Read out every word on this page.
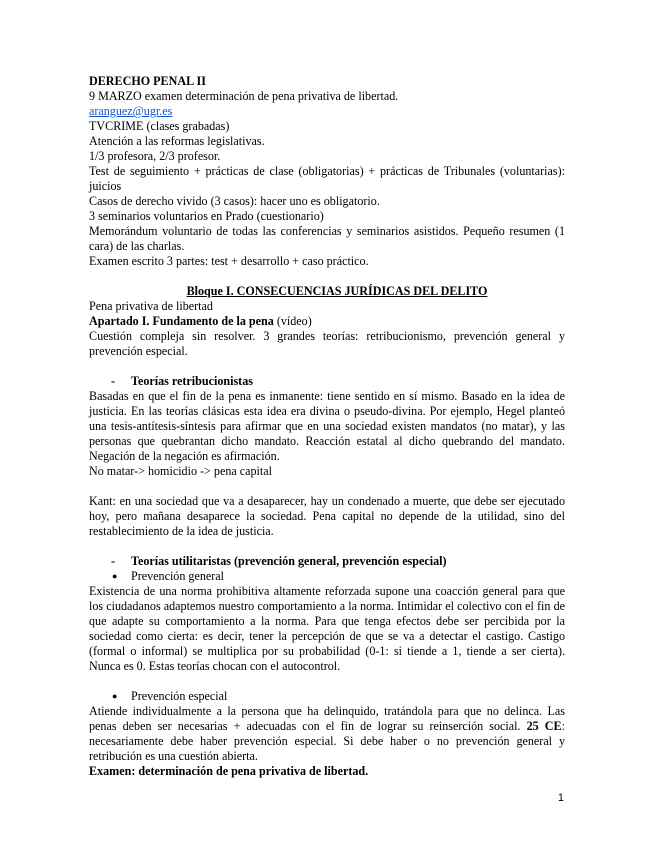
DERECHO PENAL II
9 MARZO examen determinación de pena privativa de libertad.
aranguez@ugr.es
TVCRIME (clases grabadas)
Atención a las reformas legislativas.
1/3 profesora, 2/3 profesor.
Test de seguimiento + prácticas de clase (obligatorias) + prácticas de Tribunales (voluntarias): juicios
Casos de derecho vivido (3 casos): hacer uno es obligatorio.
3 seminarios voluntarios en Prado (cuestionario)
Memorándum voluntario de todas las conferencias y seminarios asistidos. Pequeño resumen (1 cara) de las charlas.
Examen escrito 3 partes: test + desarrollo + caso práctico.
Bloque I. CONSECUENCIAS JURÍDICAS DEL DELITO
Pena privativa de libertad
Apartado I. Fundamento de la pena (vídeo)
Cuestión compleja sin resolver. 3 grandes teorías: retribucionismo, prevención general y prevención especial.
- Teorías retribucionistas
Basadas en que el fin de la pena es inmanente: tiene sentido en sí mismo. Basado en la idea de justicia. En las teorías clásicas esta idea era divina o pseudo-divina. Por ejemplo, Hegel planteó una tesis-antítesis-síntesis para afirmar que en una sociedad existen mandatos (no matar), y las personas que quebrantan dicho mandato. Reacción estatal al dicho quebrando del mandato. Negación de la negación es afirmación.
No matar-> homicidio -> pena capital
Kant: en una sociedad que va a desaparecer, hay un condenado a muerte, que debe ser ejecutado hoy, pero mañana desaparece la sociedad. Pena capital no depende de la utilidad, sino del restablecimiento de la idea de justicia.
- Teorías utilitaristas (prevención general, prevención especial)
● Prevención general
Existencia de una norma prohibitiva altamente reforzada supone una coacción general para que los ciudadanos adaptemos nuestro comportamiento a la norma. Intimidar el colectivo con el fin de que adapte su comportamiento a la norma. Para que tenga efectos debe ser percibida por la sociedad como cierta: es decir, tener la percepción de que se va a detectar el castigo. Castigo (formal o informal) se multiplica por su probabilidad (0-1: si tiende a 1, tiende a ser cierta). Nunca es 0. Estas teorías chocan con el autocontrol.
● Prevención especial
Atiende individualmente a la persona que ha delinquido, tratándola para que no delinca. Las penas deben ser necesarias + adecuadas con el fin de lograr su reinserción social. 25 CE: necesariamente debe haber prevención especial. Si debe haber o no prevención general y retribución es una cuestión abierta.
Examen: determinación de pena privativa de libertad.
1
